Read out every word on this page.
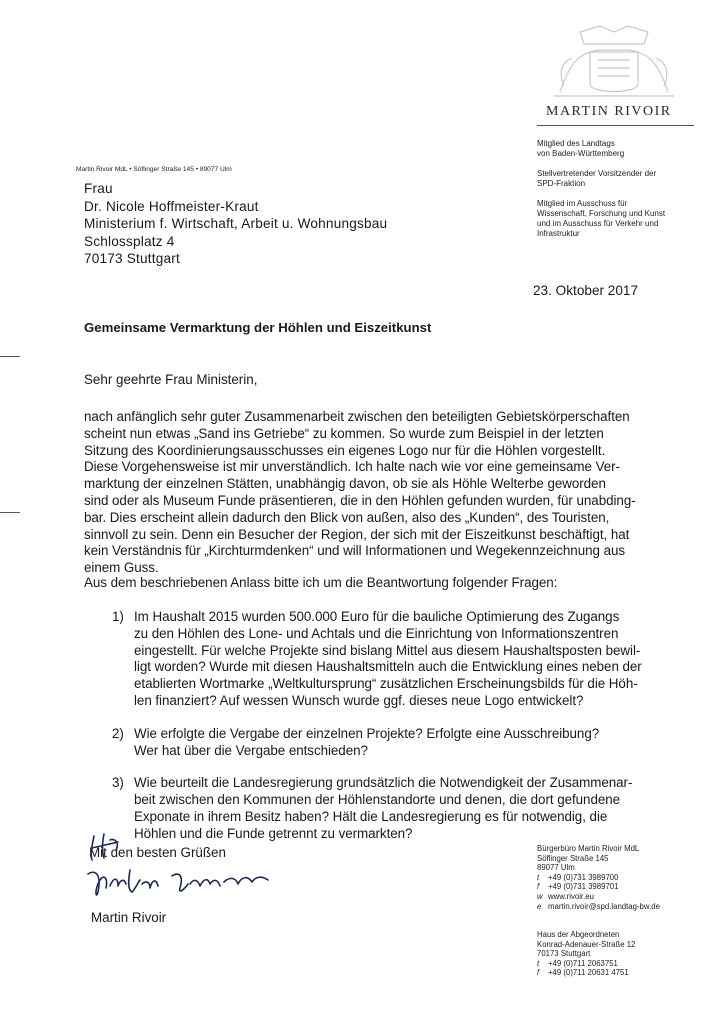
MARTIN RIVOIR
Mitglied des Landtags
von Baden-Württemberg
Stellvertretender Vorsitzender der
SPD-Fraktion
Mitglied im Ausschuss für
Wissenschaft, Forschung und Kunst
und im Ausschuss für Verkehr und
Infrastruktur
Martin Rivoir MdL • Söflinger Straße 145 • 89077 Ulm
Frau
Dr. Nicole Hoffmeister-Kraut
Ministerium f. Wirtschaft, Arbeit u. Wohnungsbau
Schlossplatz 4
70173 Stuttgart
23. Oktober 2017
Gemeinsame Vermarktung der Höhlen und Eiszeitkunst
Sehr geehrte Frau Ministerin,
nach anfänglich sehr guter Zusammenarbeit zwischen den beteiligten Gebietskörperschaften
scheint nun etwas „Sand ins Getriebe“ zu kommen. So wurde zum Beispiel in der letzten
Sitzung des Koordinierungsausschusses ein eigenes Logo nur für die Höhlen vorgestellt.
Diese Vorgehensweise ist mir unverständlich. Ich halte nach wie vor eine gemeinsame Ver-
marktung der einzelnen Stätten, unabhängig davon, ob sie als Höhle Welterbe geworden
sind oder als Museum Funde präsentieren, die in den Höhlen gefunden wurden, für unabding-
bar. Dies erscheint allein dadurch den Blick von außen, also des „Kunden“, des Touristen,
sinnvoll zu sein. Denn ein Besucher der Region, der sich mit der Eiszeitkunst beschäftigt, hat
kein Verständnis für „Kirchturmdenken“ und will Informationen und Wegekennzeichnung aus
einem Guss.
Aus dem beschriebenen Anlass bitte ich um die Beantwortung folgender Fragen:
1) Im Haushalt 2015 wurden 500.000 Euro für die bauliche Optimierung des Zugangs
zu den Höhlen des Lone- und Achtals und die Einrichtung von Informationszentren
eingestellt. Für welche Projekte sind bislang Mittel aus diesem Haushaltsposten bewil-
ligt worden? Wurde mit diesen Haushaltsmitteln auch die Entwicklung eines neben der
etablierten Wortmarke „Weltkultursprung“ zusätzlichen Erscheinungsbilds für die Höh-
len finanziert? Auf wessen Wunsch wurde ggf. dieses neue Logo entwickelt?
2) Wie erfolgte die Vergabe der einzelnen Projekte? Erfolgte eine Ausschreibung?
Wer hat über die Vergabe entschieden?
3) Wie beurteilt die Landesregierung grundsätzlich die Notwendigkeit der Zusammenar-
beit zwischen den Kommunen der Höhlenstandorte und denen, die dort gefundene
Exponate in ihrem Besitz haben? Hält die Landesregierung es für notwendig, die
Höhlen und die Funde getrennt zu vermarkten?
Mit den besten Grüßen
Martin Rivoir
Bürgerbüro Martin Rivoir MdL
Söflinger Straße 145
89077 Ulm
t	+49 (0)731 3989700
f	+49 (0)731 3989701
w www.rivoir.eu
e martin.rivoir@spd.landtag-bw.de
Haus der Abgeordneten
Konrad-Adenauer-Straße 12
70173 Stuttgart
t	+49 (0)711 2063751
f	+49 (0)711 20631 4751
